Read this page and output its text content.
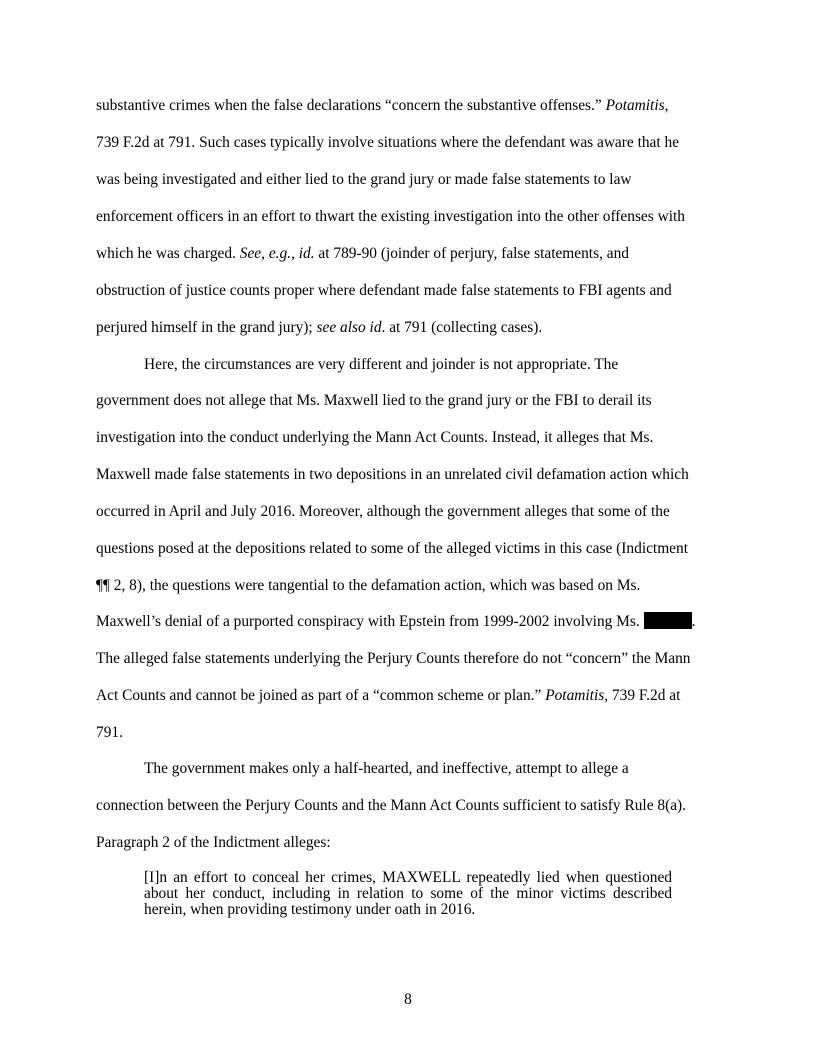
substantive crimes when the false declarations “concern the substantive offenses.” Potamitis,
739 F.2d at 791. Such cases typically involve situations where the defendant was aware that he
was being investigated and either lied to the grand jury or made false statements to law
enforcement officers in an effort to thwart the existing investigation into the other offenses with
which he was charged. See, e.g., id. at 789-90 (joinder of perjury, false statements, and
obstruction of justice counts proper where defendant made false statements to FBI agents and
perjured himself in the grand jury); see also id. at 791 (collecting cases).
Here, the circumstances are very different and joinder is not appropriate. The
government does not allege that Ms. Maxwell lied to the grand jury or the FBI to derail its
investigation into the conduct underlying the Mann Act Counts. Instead, it alleges that Ms.
Maxwell made false statements in two depositions in an unrelated civil defamation action which
occurred in April and July 2016. Moreover, although the government alleges that some of the
questions posed at the depositions related to some of the alleged victims in this case (Indictment
¶¶ 2, 8), the questions were tangential to the defamation action, which was based on Ms.
Maxwell’s denial of a purported conspiracy with Epstein from 1999-2002 involving Ms.	.
The alleged false statements underlying the Perjury Counts therefore do not “concern” the Mann
Act Counts and cannot be joined as part of a “common scheme or plan.” Potamitis, 739 F.2d at
791.
The government makes only a half-hearted, and ineffective, attempt to allege a
connection between the Perjury Counts and the Mann Act Counts sufficient to satisfy Rule 8(a).
Paragraph 2 of the Indictment alleges:
[I]n an effort to conceal her crimes, MAXWELL repeatedly lied when questioned about her conduct, including in relation to some of the minor victims described herein, when providing testimony under oath in 2016.
8
